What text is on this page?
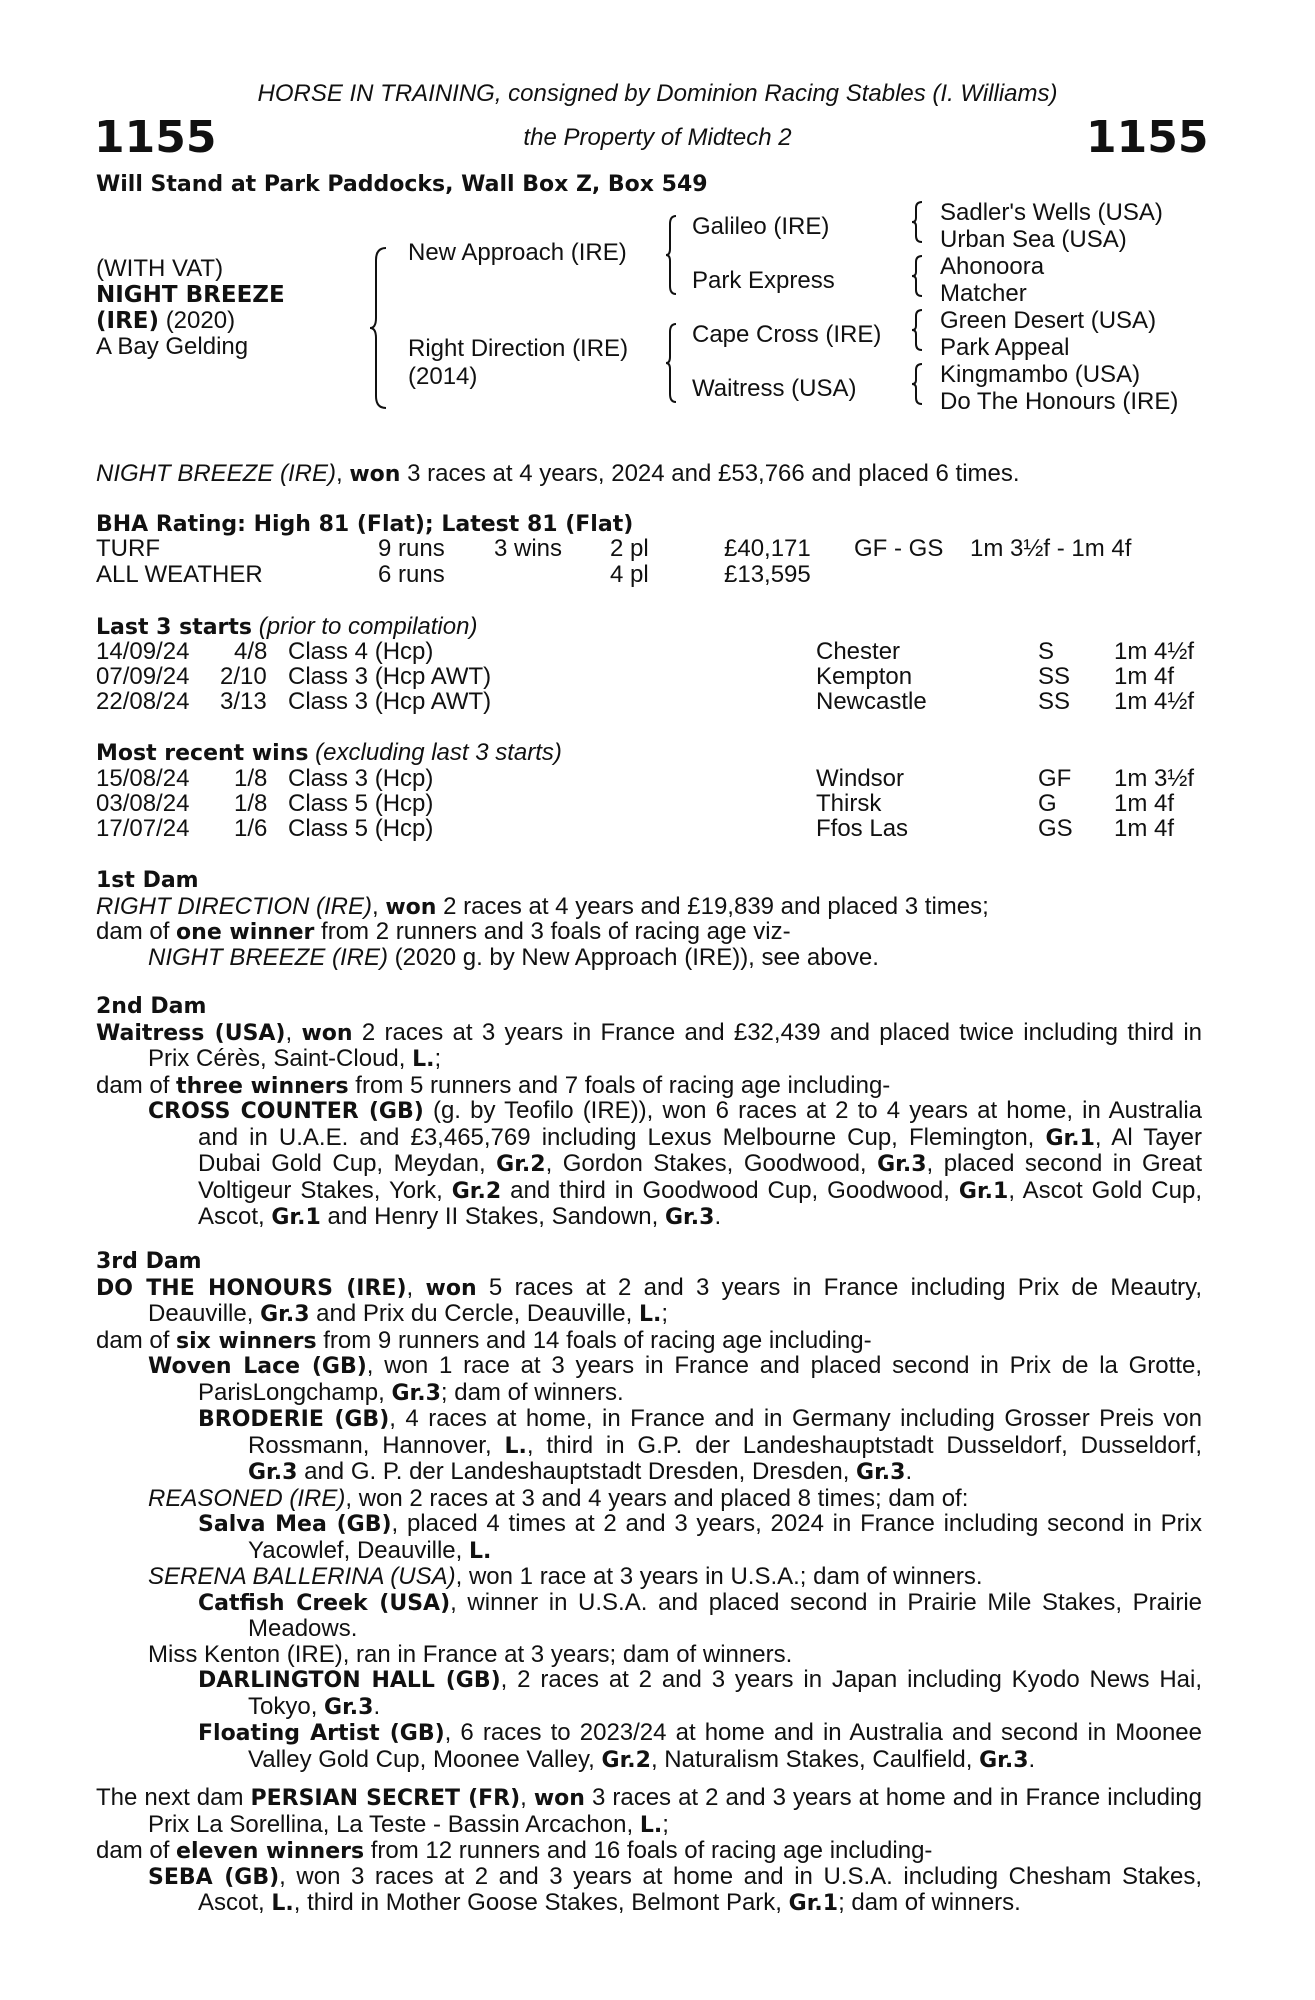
HORSE IN TRAINING, consigned by Dominion Racing Stables (I. Williams)
1155	the Property of Midtech 2	1155
Will Stand at Park Paddocks, Wall Box Z, Box 549
(WITH VAT)
NIGHT BREEZE
(IRE) (2020)
A Bay Gelding
New Approach (IRE)
Right Direction (IRE)
(2014)
Galileo (IRE)
Park Express
Cape Cross (IRE)
Waitress (USA)
Sadler's Wells (USA)
Urban Sea (USA)
Ahonoora
Matcher
Green Desert (USA)
Park Appeal
Kingmambo (USA)
Do The Honours (IRE)
NIGHT BREEZE (IRE), won 3 races at 4 years, 2024 and £53,766 and placed 6 times.
BHA Rating: High 81 (Flat); Latest 81 (Flat)
TURF	9 runs 3 wins 2 pl	£40,171 GF - GS 1m 3½f - 1m 4f
ALL WEATHER	6 runs	4 pl	£13,595
Last 3 starts (prior to compilation)
14/09/24 4/8 Class 4 (Hcp)	Chester	S 1m 4½f
07/09/24 2/10 Class 3 (Hcp AWT)	Kempton	SS 1m 4f
22/08/24 3/13 Class 3 (Hcp AWT)	Newcastle	SS 1m 4½f
Most recent wins (excluding last 3 starts)
15/08/24 1/8 Class 3 (Hcp)	Windsor	GF 1m 3½f
03/08/24 1/8 Class 5 (Hcp)	Thirsk	G 1m 4f
17/07/24 1/6 Class 5 (Hcp)	Ffos Las	GS 1m 4f
1st Dam
RIGHT DIRECTION (IRE), won 2 races at 4 years and £19,839 and placed 3 times;
dam of one winner from 2 runners and 3 foals of racing age viz-
NIGHT BREEZE (IRE) (2020 g. by New Approach (IRE)), see above.
2nd Dam
Waitress (USA), won 2 races at 3 years in France and £32,439 and placed twice including third in Prix Cérès, Saint-Cloud, L.;
dam of three winners from 5 runners and 7 foals of racing age including-
CROSS COUNTER (GB) (g. by Teofilo (IRE)), won 6 races at 2 to 4 years at home, in Australia and in U.A.E. and £3,465,769 including Lexus Melbourne Cup, Flemington, Gr.1, Al Tayer Dubai Gold Cup, Meydan, Gr.2, Gordon Stakes, Goodwood, Gr.3, placed second in Great Voltigeur Stakes, York, Gr.2 and third in Goodwood Cup, Goodwood, Gr.1, Ascot Gold Cup, Ascot, Gr.1 and Henry II Stakes, Sandown, Gr.3.
3rd Dam
DO THE HONOURS (IRE), won 5 races at 2 and 3 years in France including Prix de Meautry, Deauville, Gr.3 and Prix du Cercle, Deauville, L.;
dam of six winners from 9 runners and 14 foals of racing age including-
Woven Lace (GB), won 1 race at 3 years in France and placed second in Prix de la Grotte, ParisLongchamp, Gr.3; dam of winners.
BRODERIE (GB), 4 races at home, in France and in Germany including Grosser Preis von Rossmann, Hannover, L., third in G.P. der Landeshauptstadt Dusseldorf, Dusseldorf, Gr.3 and G. P. der Landeshauptstadt Dresden, Dresden, Gr.3.
REASONED (IRE), won 2 races at 3 and 4 years and placed 8 times; dam of:
Salva Mea (GB), placed 4 times at 2 and 3 years, 2024 in France including second in Prix Yacowlef, Deauville, L.
SERENA BALLERINA (USA), won 1 race at 3 years in U.S.A.; dam of winners.
Catfish Creek (USA), winner in U.S.A. and placed second in Prairie Mile Stakes, Prairie Meadows.
Miss Kenton (IRE), ran in France at 3 years; dam of winners.
DARLINGTON HALL (GB), 2 races at 2 and 3 years in Japan including Kyodo News Hai, Tokyo, Gr.3.
Floating Artist (GB), 6 races to 2023/24 at home and in Australia and second in Moonee Valley Gold Cup, Moonee Valley, Gr.2, Naturalism Stakes, Caulfield, Gr.3.
The next dam PERSIAN SECRET (FR), won 3 races at 2 and 3 years at home and in France including Prix La Sorellina, La Teste - Bassin Arcachon, L.;
dam of eleven winners from 12 runners and 16 foals of racing age including-
SEBA (GB), won 3 races at 2 and 3 years at home and in U.S.A. including Chesham Stakes, Ascot, L., third in Mother Goose Stakes, Belmont Park, Gr.1; dam of winners.
